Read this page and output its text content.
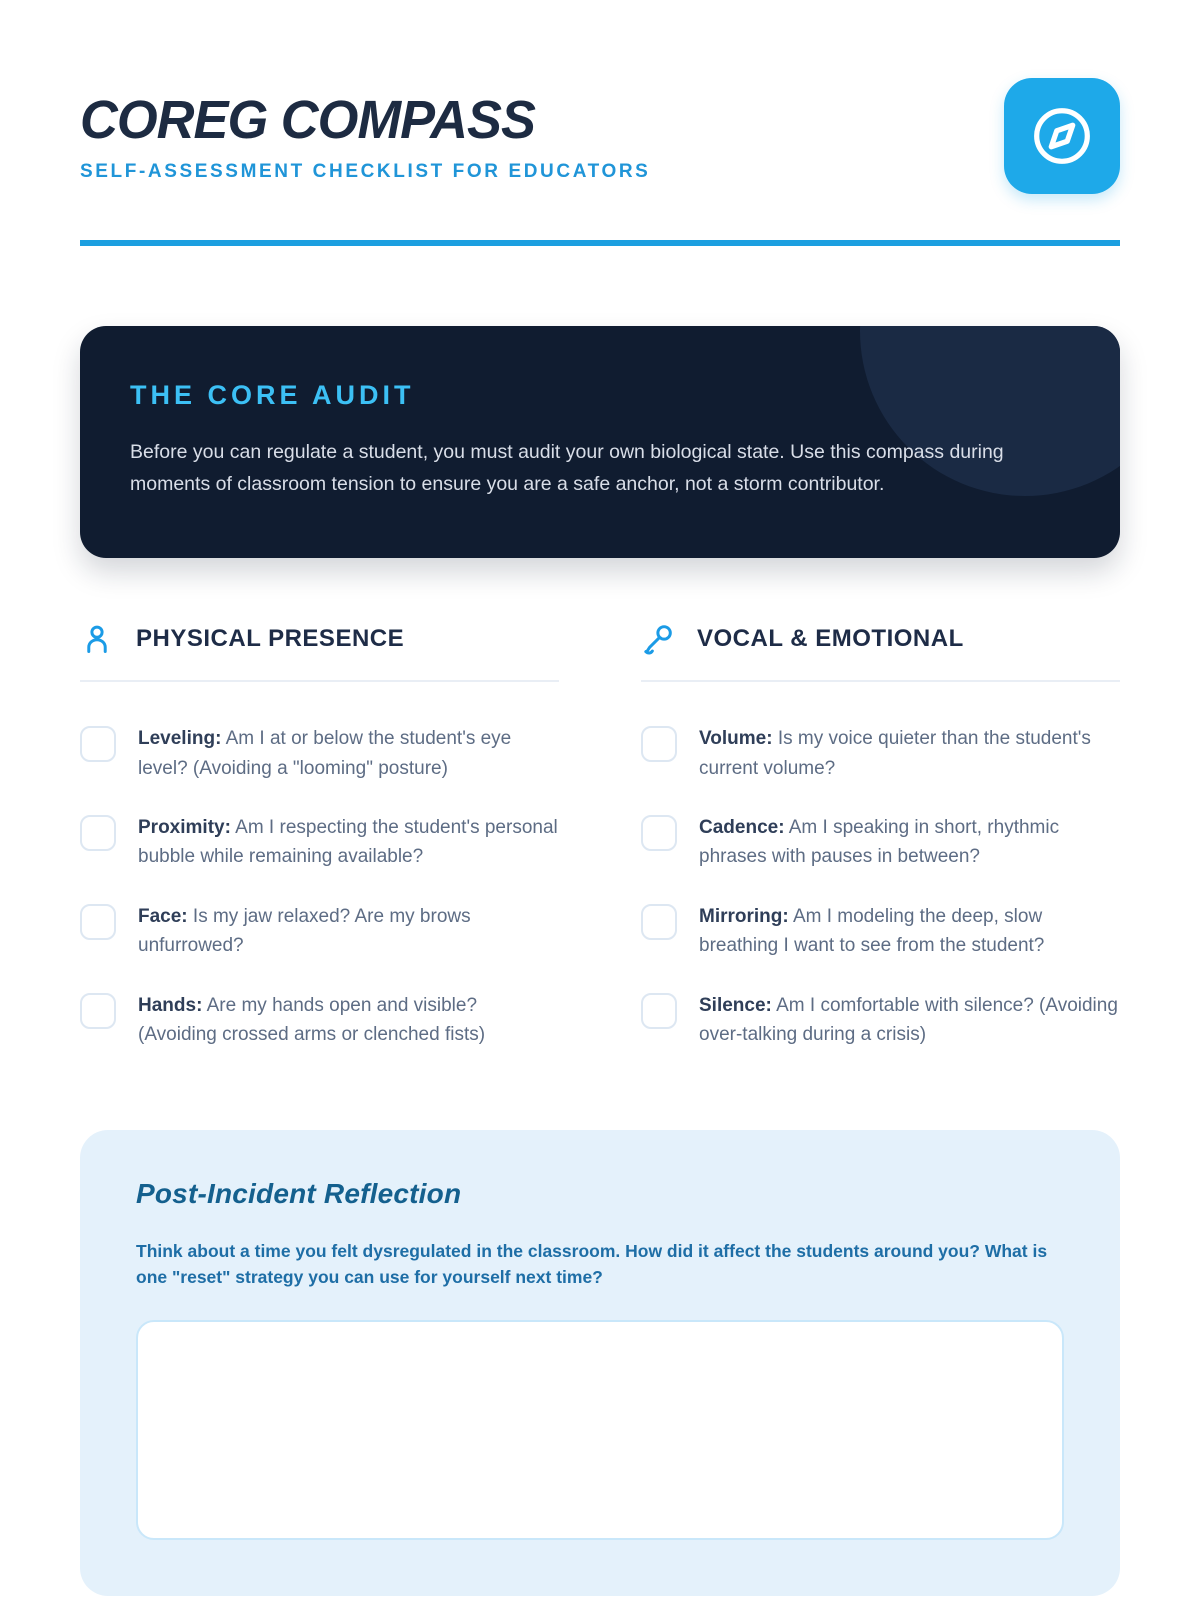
COREG COMPASS
SELF-ASSESSMENT CHECKLIST FOR EDUCATORS
THE CORE AUDIT
Before you can regulate a student, you must audit your own biological state. Use this compass during moments of classroom tension to ensure you are a safe anchor, not a storm contributor.
PHYSICAL PRESENCE
Leveling: Am I at or below the student's eye level? (Avoiding a "looming" posture)
Proximity: Am I respecting the student's personal bubble while remaining available?
Face: Is my jaw relaxed? Are my brows unfurrowed?
Hands: Are my hands open and visible? (Avoiding crossed arms or clenched fists)
VOCAL & EMOTIONAL
Volume: Is my voice quieter than the student's current volume?
Cadence: Am I speaking in short, rhythmic phrases with pauses in between?
Mirroring: Am I modeling the deep, slow breathing I want to see from the student?
Silence: Am I comfortable with silence? (Avoiding over-talking during a crisis)
Post-Incident Reflection
Think about a time you felt dysregulated in the classroom. How did it affect the students around you? What is one "reset" strategy you can use for yourself next time?
